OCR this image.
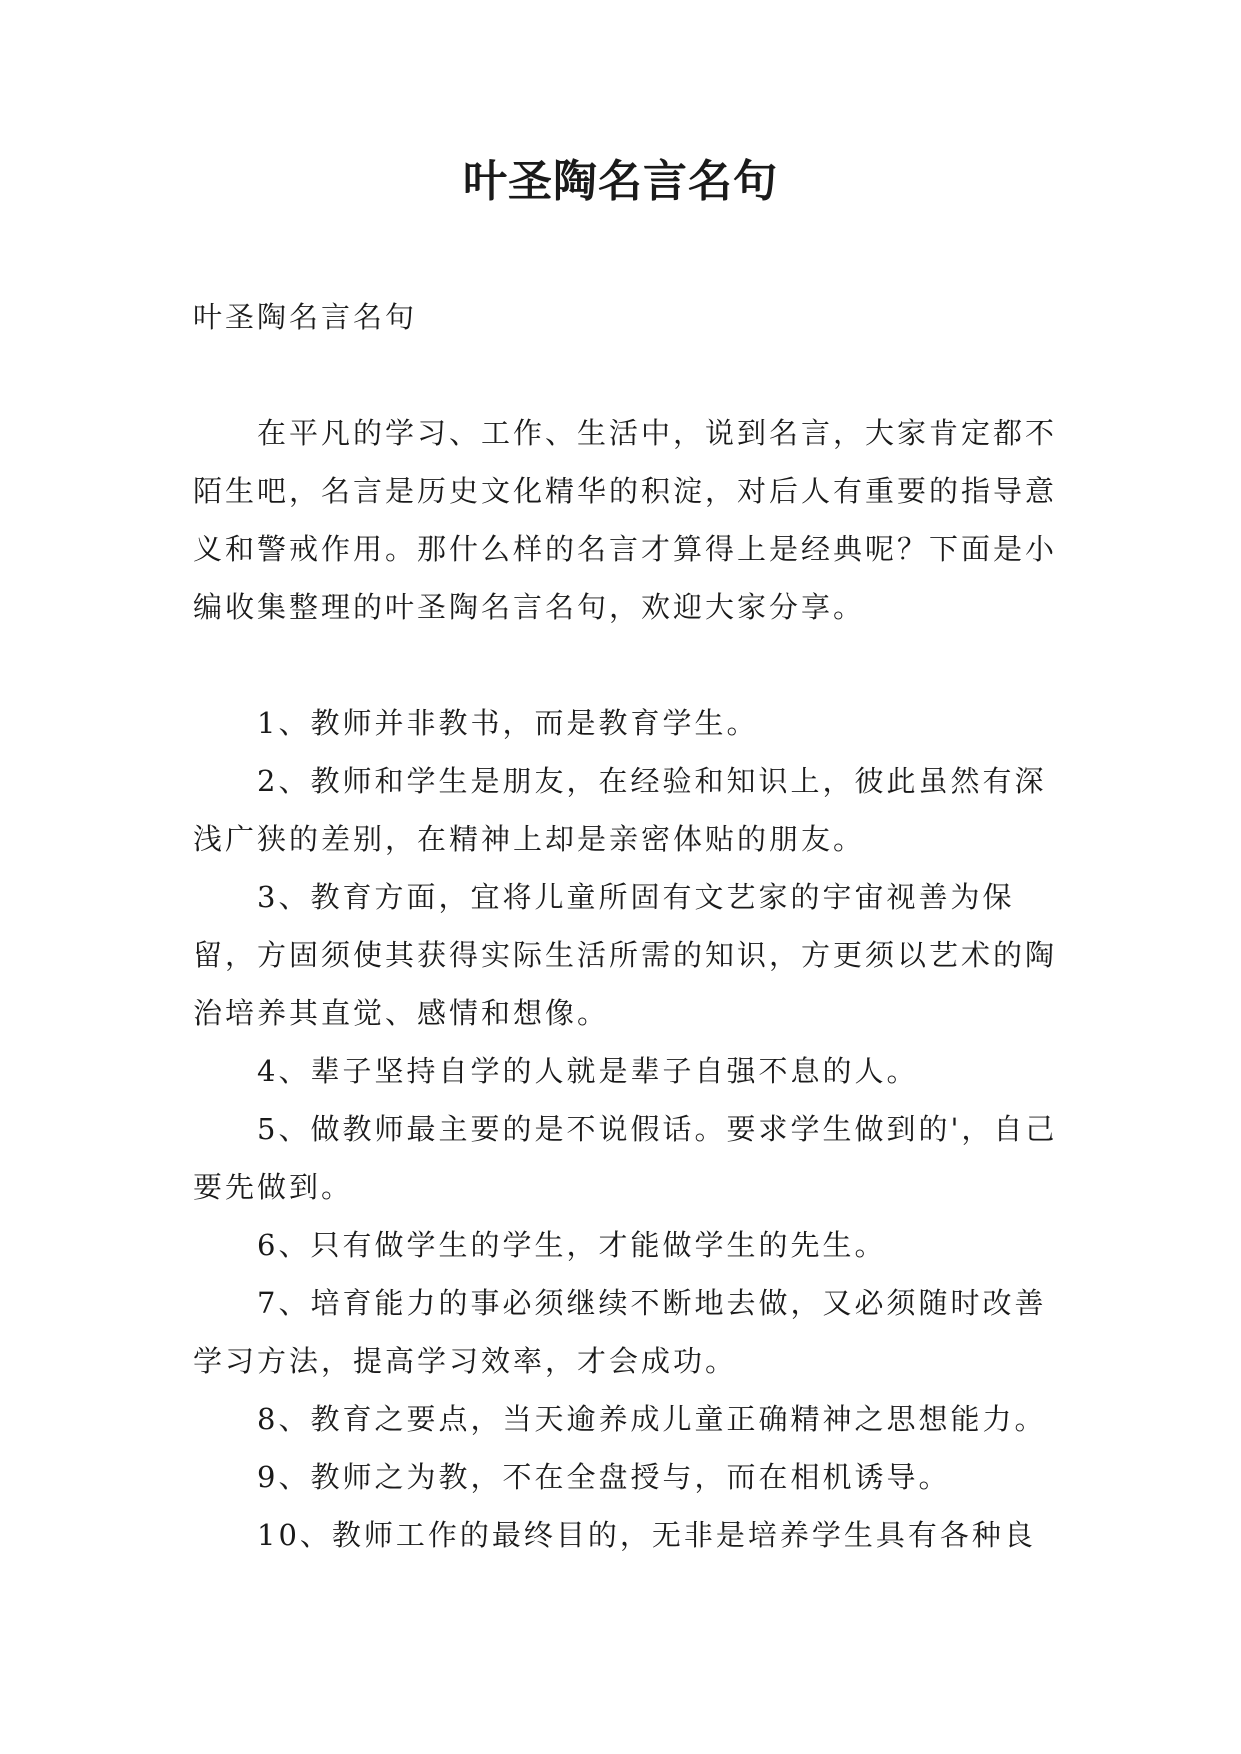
叶圣陶名言名句

叶圣陶名言名句

在平凡的学习、工作、生活中，说到名言，大家肯定都不陌生吧，名言是历史文化精华的积淀，对后人有重要的指导意义和警戒作用。那什么样的名言才算得上是经典呢？下面是小编收集整理的叶圣陶名言名句，欢迎大家分享。

1、教师并非教书，而是教育学生。

2、教师和学生是朋友，在经验和知识上，彼此虽然有深浅广狭的差别，在精神上却是亲密体贴的朋友。

3、教育方面，宜将儿童所固有文艺家的宇宙视善为保留，方固须使其获得实际生活所需的知识，方更须以艺术的陶治培养其直觉、感情和想像。

4、辈子坚持自学的人就是辈子自强不息的人。

5、做教师最主要的是不说假话。要求学生做到的'，自己要先做到。

6、只有做学生的学生，才能做学生的先生。

7、培育能力的事必须继续不断地去做，又必须随时改善学习方法，提高学习效率，才会成功。

8、教育之要点，当天逾养成儿童正确精神之思想能力。

9、教师之为教，不在全盘授与，而在相机诱导。

10、教师工作的最终目的，无非是培养学生具有各种良
